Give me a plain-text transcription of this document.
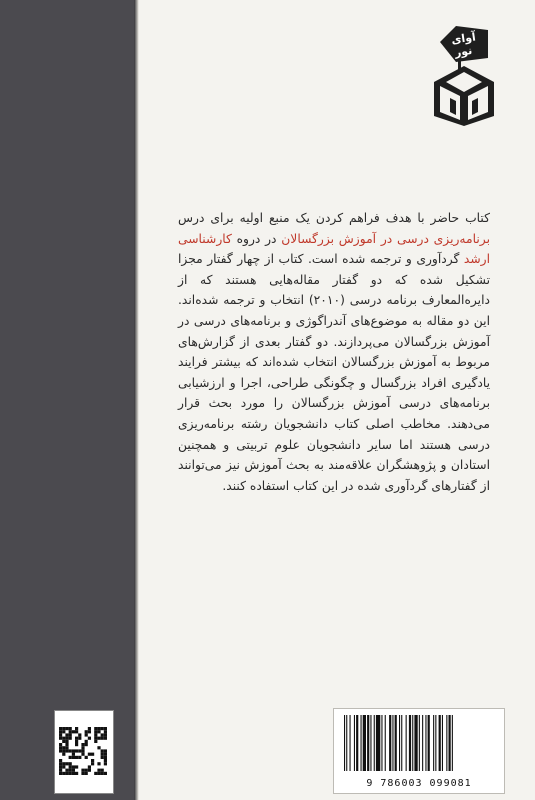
آوای
نور

کتاب حاضر با هدف فراهم کردن یک منبع اولیه برای درس برنامه‌ریزی درسی در آموزش بزرگسالان در دروه کارشناسی ارشد گردآوری و ترجمه شده است. کتاب از چهار گفتار مجزا تشکیل شده که دو گفتار مقاله‌هایی هستند که از دایره‌المعارف برنامه درسی (۲۰۱۰) انتخاب و ترجمه شده‌اند. این دو مقاله به موضوع‌های آندراگوژی و برنامه‌های درسی در آموزش بزرگسالان می‌پردازند. دو گفتار بعدی از گزارش‌های مربوط به آموزش بزرگسالان انتخاب شده‌اند که بیشتر فرایند یادگیری افراد بزرگسال و چگونگی طراحی، اجرا و ارزشیابی برنامه‌های درسی آموزش بزرگسالان را مورد بحث قرار می‌دهند. مخاطب اصلی کتاب دانشجویان رشته برنامه‌ریزی درسی هستند اما سایر دانشجویان علوم تربیتی و همچنین استادان و پژوهشگران علاقه‌مند به بحث آموزش نیز می‌توانند از گفتارهای گردآوری شده در این کتاب استفاده کنند.

9 786003 099081
